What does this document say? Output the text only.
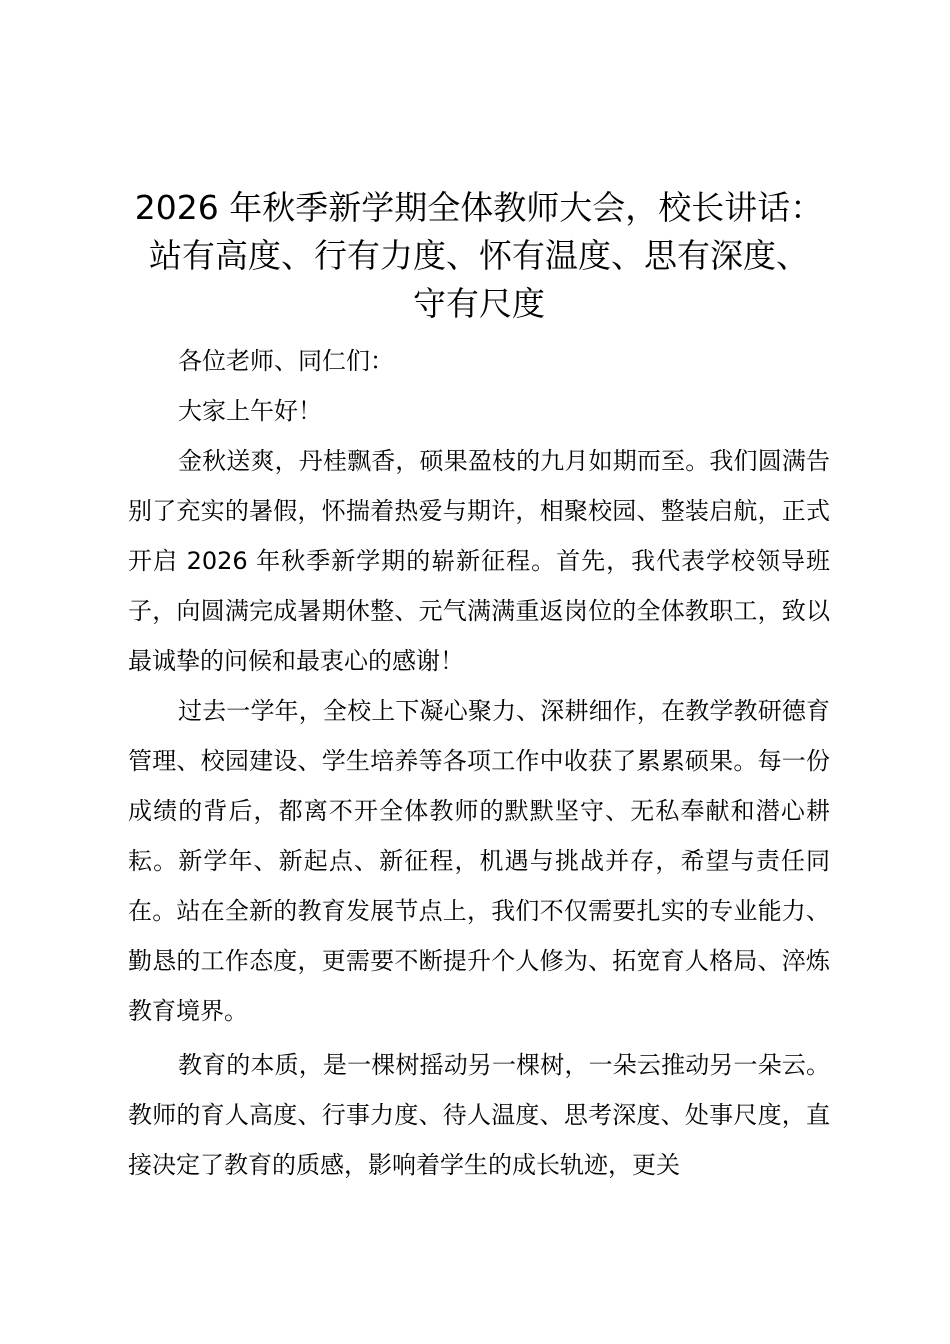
2026 年秋季新学期全体教师大会，校长讲话：
站有高度、行有力度、怀有温度、思有深度、
守有尺度

各位老师、同仁们：

大家上午好！

金秋送爽，丹桂飘香，硕果盈枝的九月如期而至。我们圆满告别了充实的暑假，怀揣着热爱与期许，相聚校园、整装启航，正式开启 2026 年秋季新学期的崭新征程。首先，我代表学校领导班子，向圆满完成暑期休整、元气满满重返岗位的全体教职工，致以最诚挚的问候和最衷心的感谢！

过去一学年，全校上下凝心聚力、深耕细作，在教学教研德育管理、校园建设、学生培养等各项工作中收获了累累硕果。每一份成绩的背后，都离不开全体教师的默默坚守、无私奉献和潜心耕耘。新学年、新起点、新征程，机遇与挑战并存，希望与责任同在。站在全新的教育发展节点上，我们不仅需要扎实的专业能力、勤恳的工作态度，更需要不断提升个人修为、拓宽育人格局、淬炼教育境界。

教育的本质，是一棵树摇动另一棵树，一朵云推动另一朵云。教师的育人高度、行事力度、待人温度、思考深度、处事尺度，直接决定了教育的质感，影响着学生的成长轨迹，更关
